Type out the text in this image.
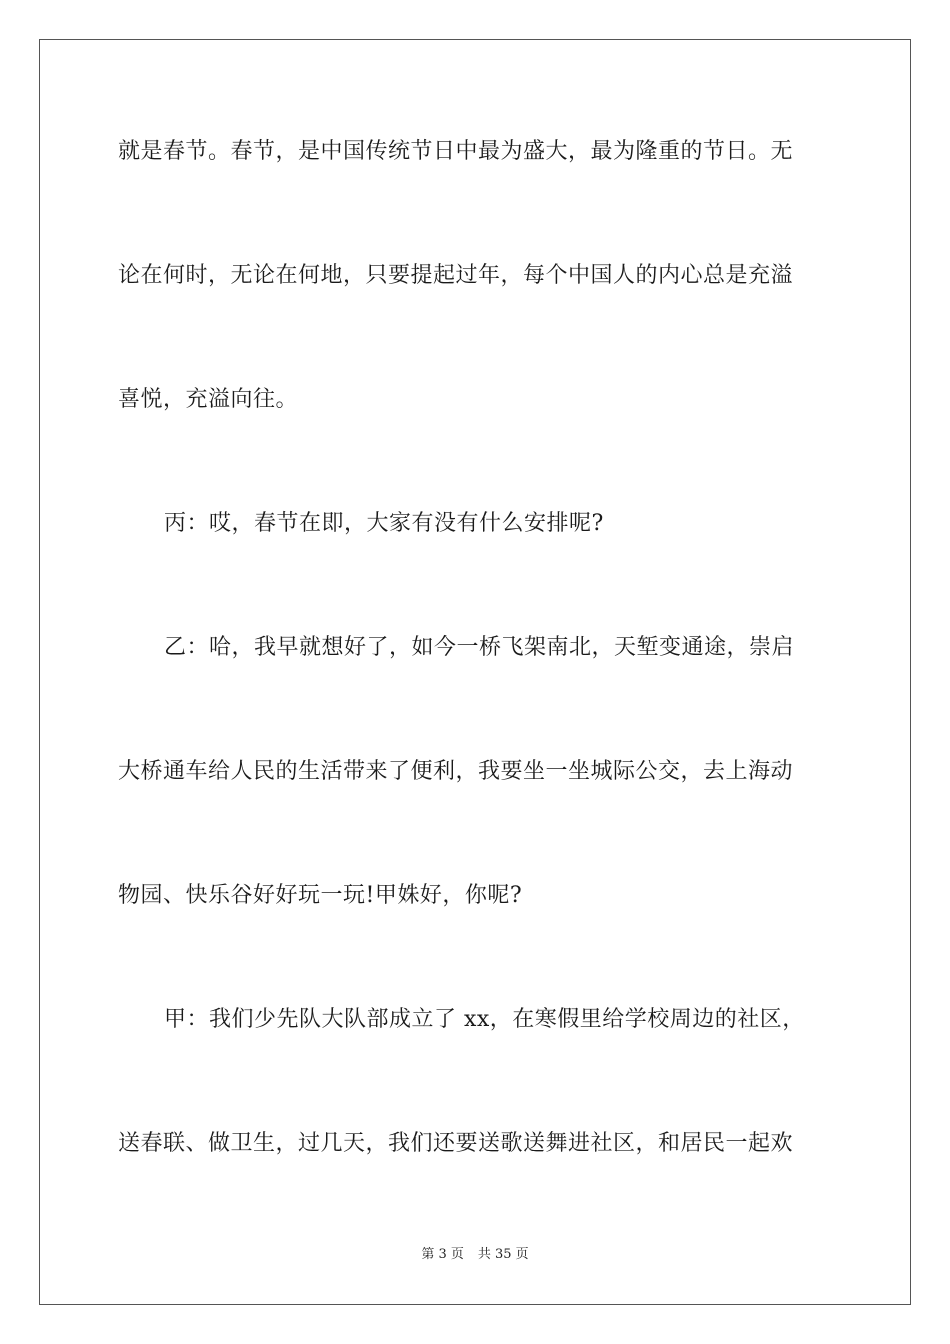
就是春节。春节，是中国传统节日中最为盛大，最为隆重的节日。无
论在何时，无论在何地，只要提起过年，每个中国人的内心总是充溢
喜悦，充溢向往。
丙：哎，春节在即，大家有没有什么安排呢?
乙：哈，我早就想好了，如今一桥飞架南北，天堑变通途，崇启
大桥通车给人民的生活带来了便利，我要坐一坐城际公交，去上海动
物园、快乐谷好好玩一玩!甲姝好，你呢?
甲：我们少先队大队部成立了 xx，在寒假里给学校周边的社区，
送春联、做卫生，过几天，我们还要送歌送舞进社区，和居民一起欢
第 3 页 共 35 页
